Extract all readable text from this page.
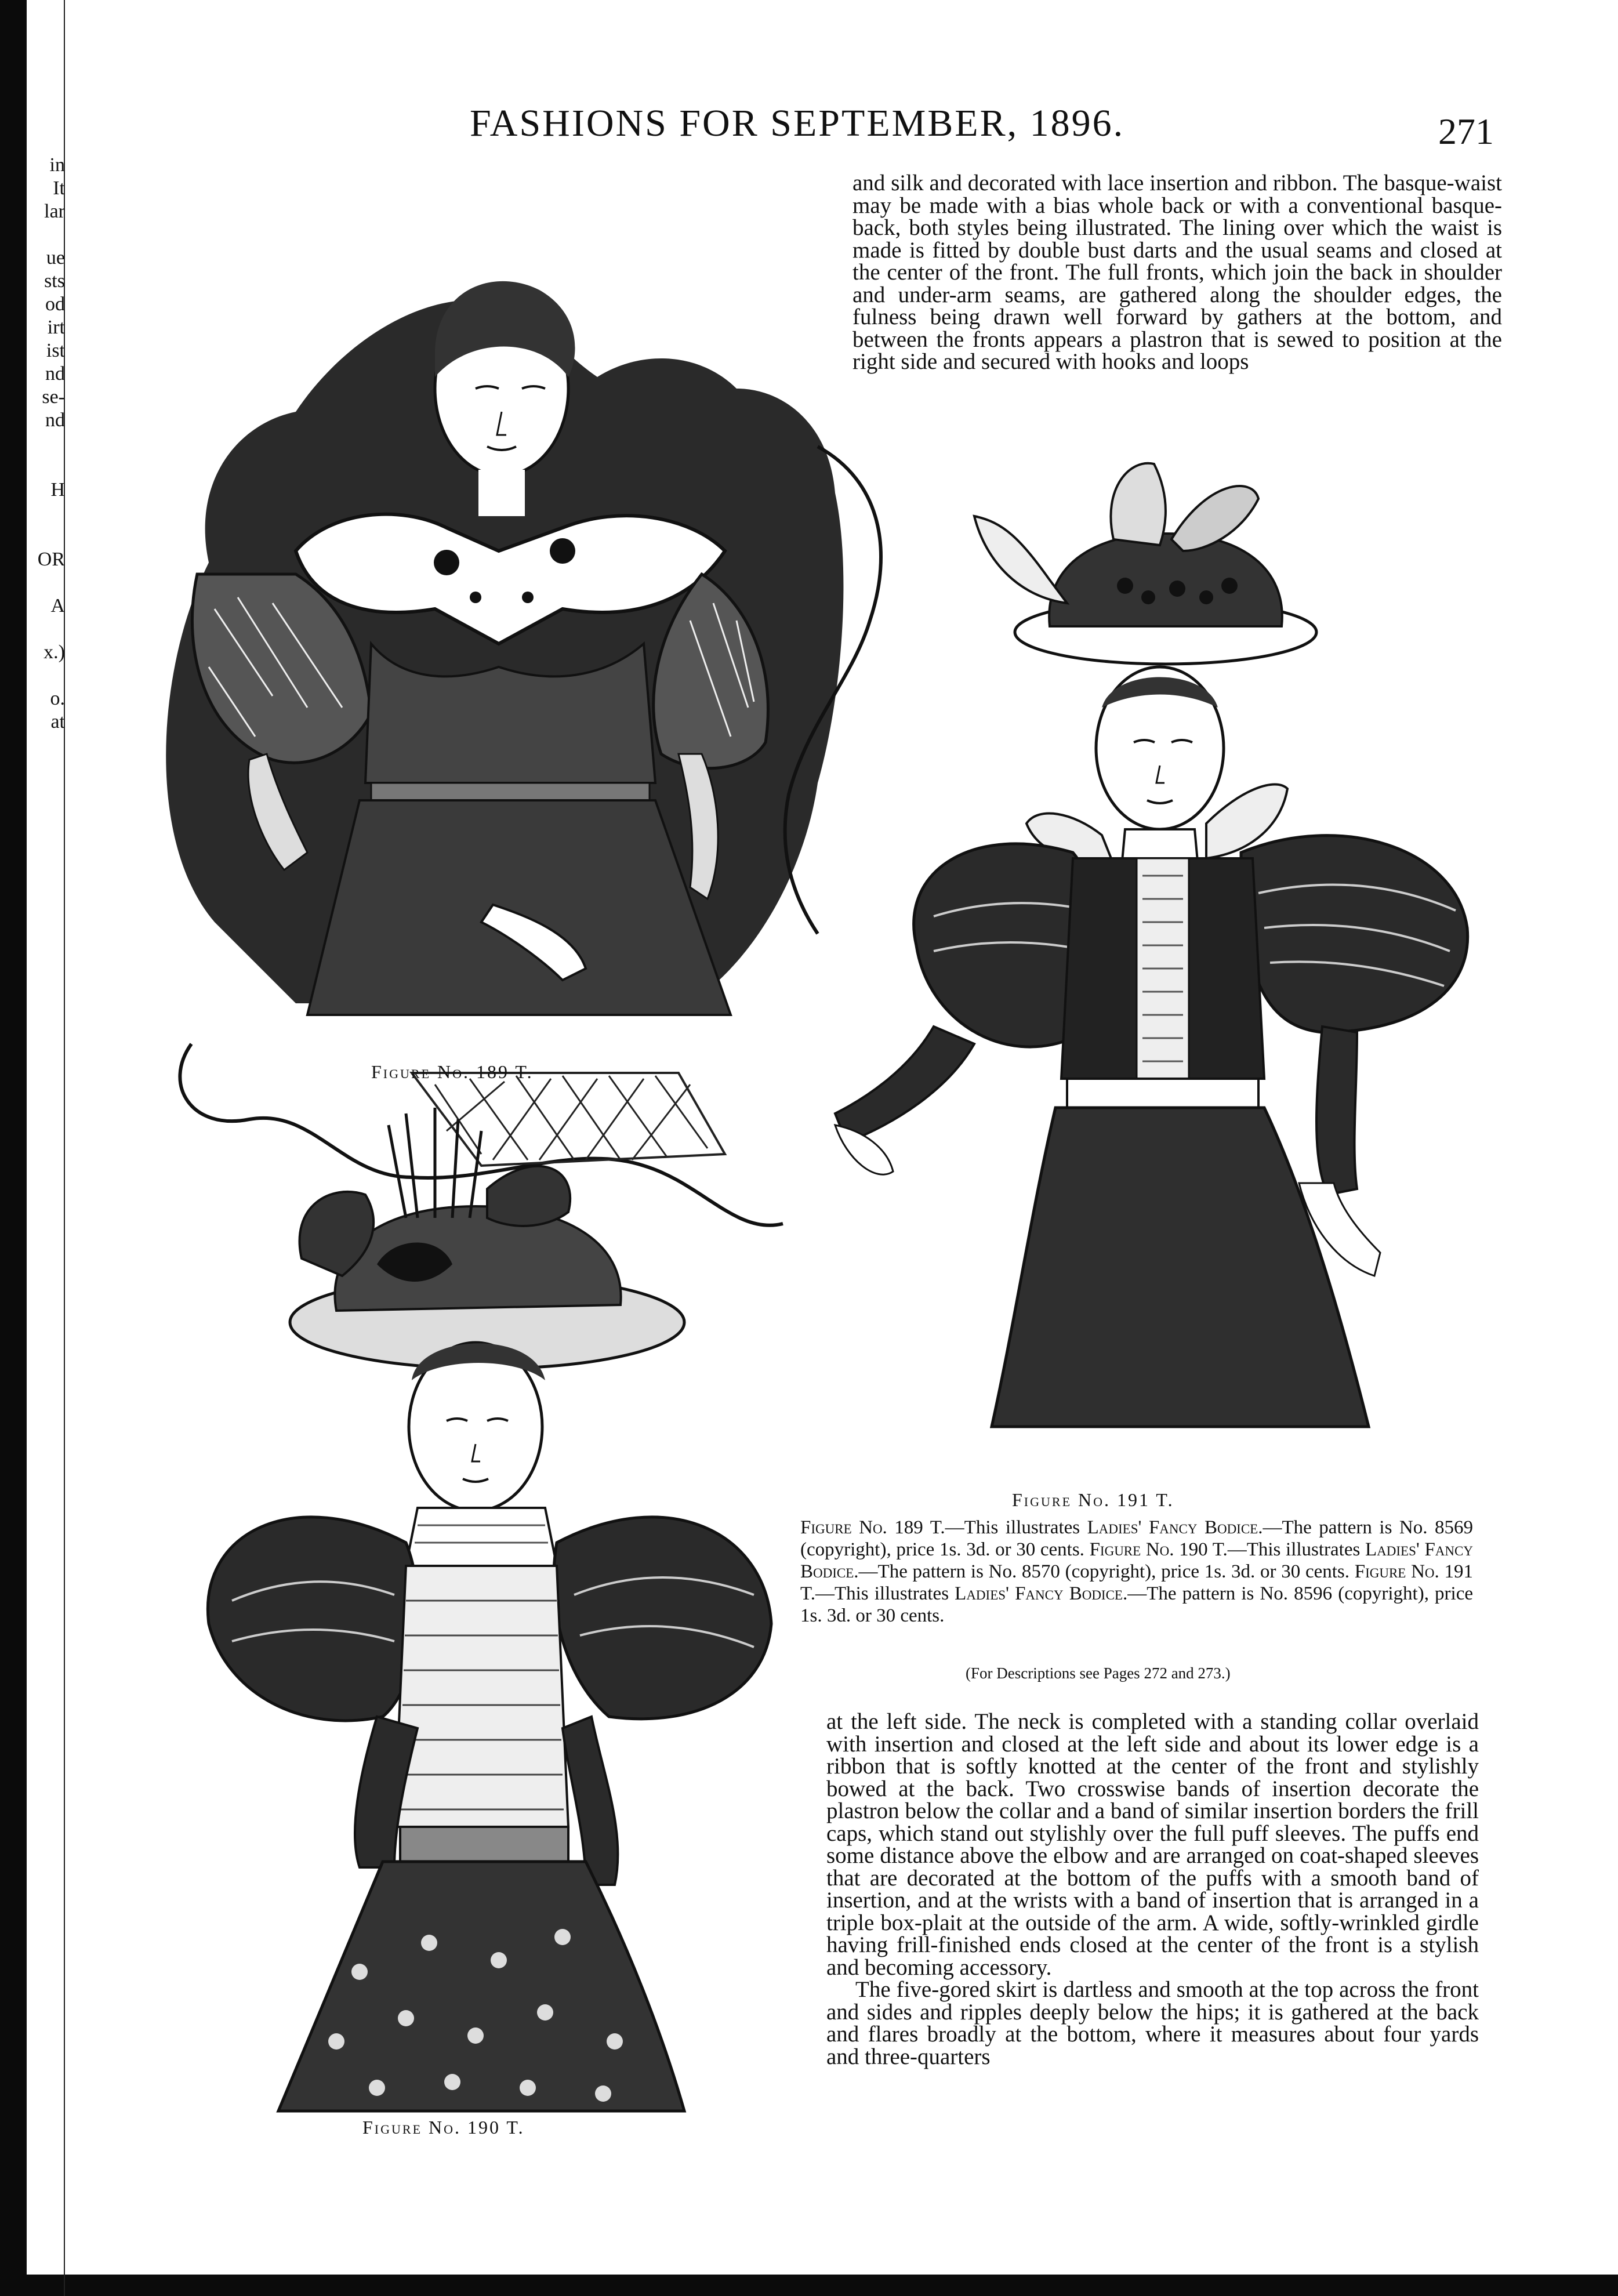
in
It
lar

ue
sts
od
irt
ist
nd
se-
nd

H

OR

A

x.)

o.
at
FASHIONS FOR SEPTEMBER, 1896.	271

and silk and decorated with lace insertion and ribbon. The basque-waist may be made with a bias whole back or with a conventional basque-back, both styles being illustrated. The lining over which the waist is made is fitted by double bust darts and the usual seams and closed at the center of the front. The full fronts, which join the back in shoulder and under-arm seams, are gathered along the shoulder edges, the fulness being drawn well forward by gathers at the bottom, and between the fronts appears a plastron that is sewed to position at the right side and secured with hooks and loops

Figure No. 189 T.
Figure No. 191 T.
Figure No. 189 T.—This illustrates Ladies' Fancy Bodice.—The pattern is No. 8569 (copyright), price 1s. 3d. or 30 cents. Figure No. 190 T.—This illustrates Ladies' Fancy Bodice.—The pattern is No. 8570 (copyright), price 1s. 3d. or 30 cents. Figure No. 191 T.—This illustrates Ladies' Fancy Bodice.—The pattern is No. 8596 (copyright), price 1s. 3d. or 30 cents.
(For Descriptions see Pages 272 and 273.)
Figure No. 190 T.

at the left side. The neck is completed with a standing collar overlaid with insertion and closed at the left side and about its lower edge is a ribbon that is softly knotted at the center of the front and stylishly bowed at the back. Two crosswise bands of insertion decorate the plastron below the collar and a band of similar insertion borders the frill caps, which stand out stylishly over the full puff sleeves. The puffs end some distance above the elbow and are arranged on coat-shaped sleeves that are decorated at the bottom of the puffs with a smooth band of insertion, and at the wrists with a band of insertion that is arranged in a triple box-plait at the outside of the arm. A wide, softly-wrinkled girdle having frill-finished ends closed at the center of the front is a stylish and becoming accessory.

The five-gored skirt is dartless and smooth at the top across the front and sides and ripples deeply below the hips; it is gathered at the back and flares broadly at the bottom, where it measures about four yards and three-quarters
